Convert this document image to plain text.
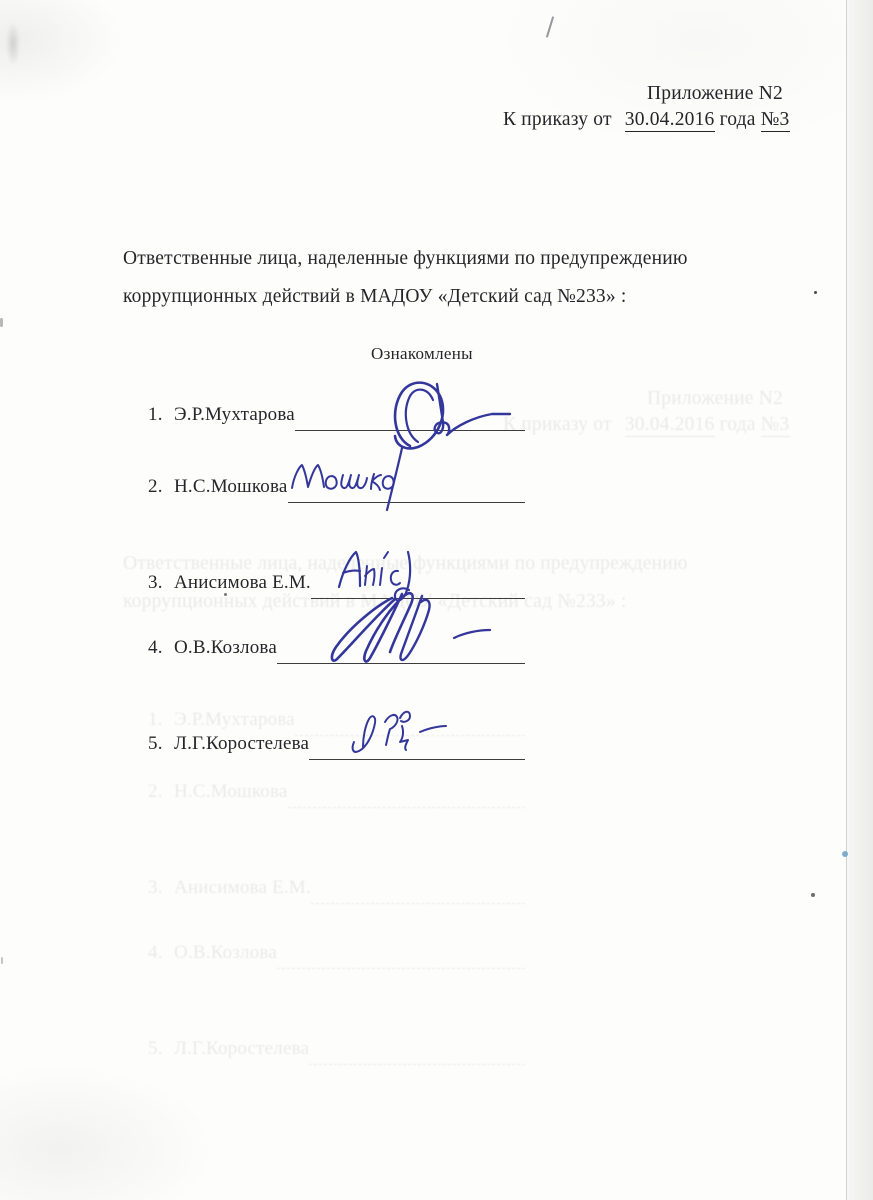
Приложение N2
К приказу от 30.04.2016 года №3
Ответственные лица, наделенные функциями по предупреждению
коррупционных действий в МАДОУ «Детский сад №233» :
1. Э.Р.Мухтарова
2. Н.С.Мошкова
3. Анисимова Е.М.
4. О.В.Козлова
5. Л.Г.Коростелева
Приложение N2
К приказу от 30.04.2016 года №3
Ответственные лица, наделенные функциями по предупреждению
коррупционных действий в МАДОУ «Детский сад №233» :
Ознакомлены
1. Э.Р.Мухтарова
2. Н.С.Мошкова
3. Анисимова Е.М.
4. О.В.Козлова
5. Л.Г.Коростелева
